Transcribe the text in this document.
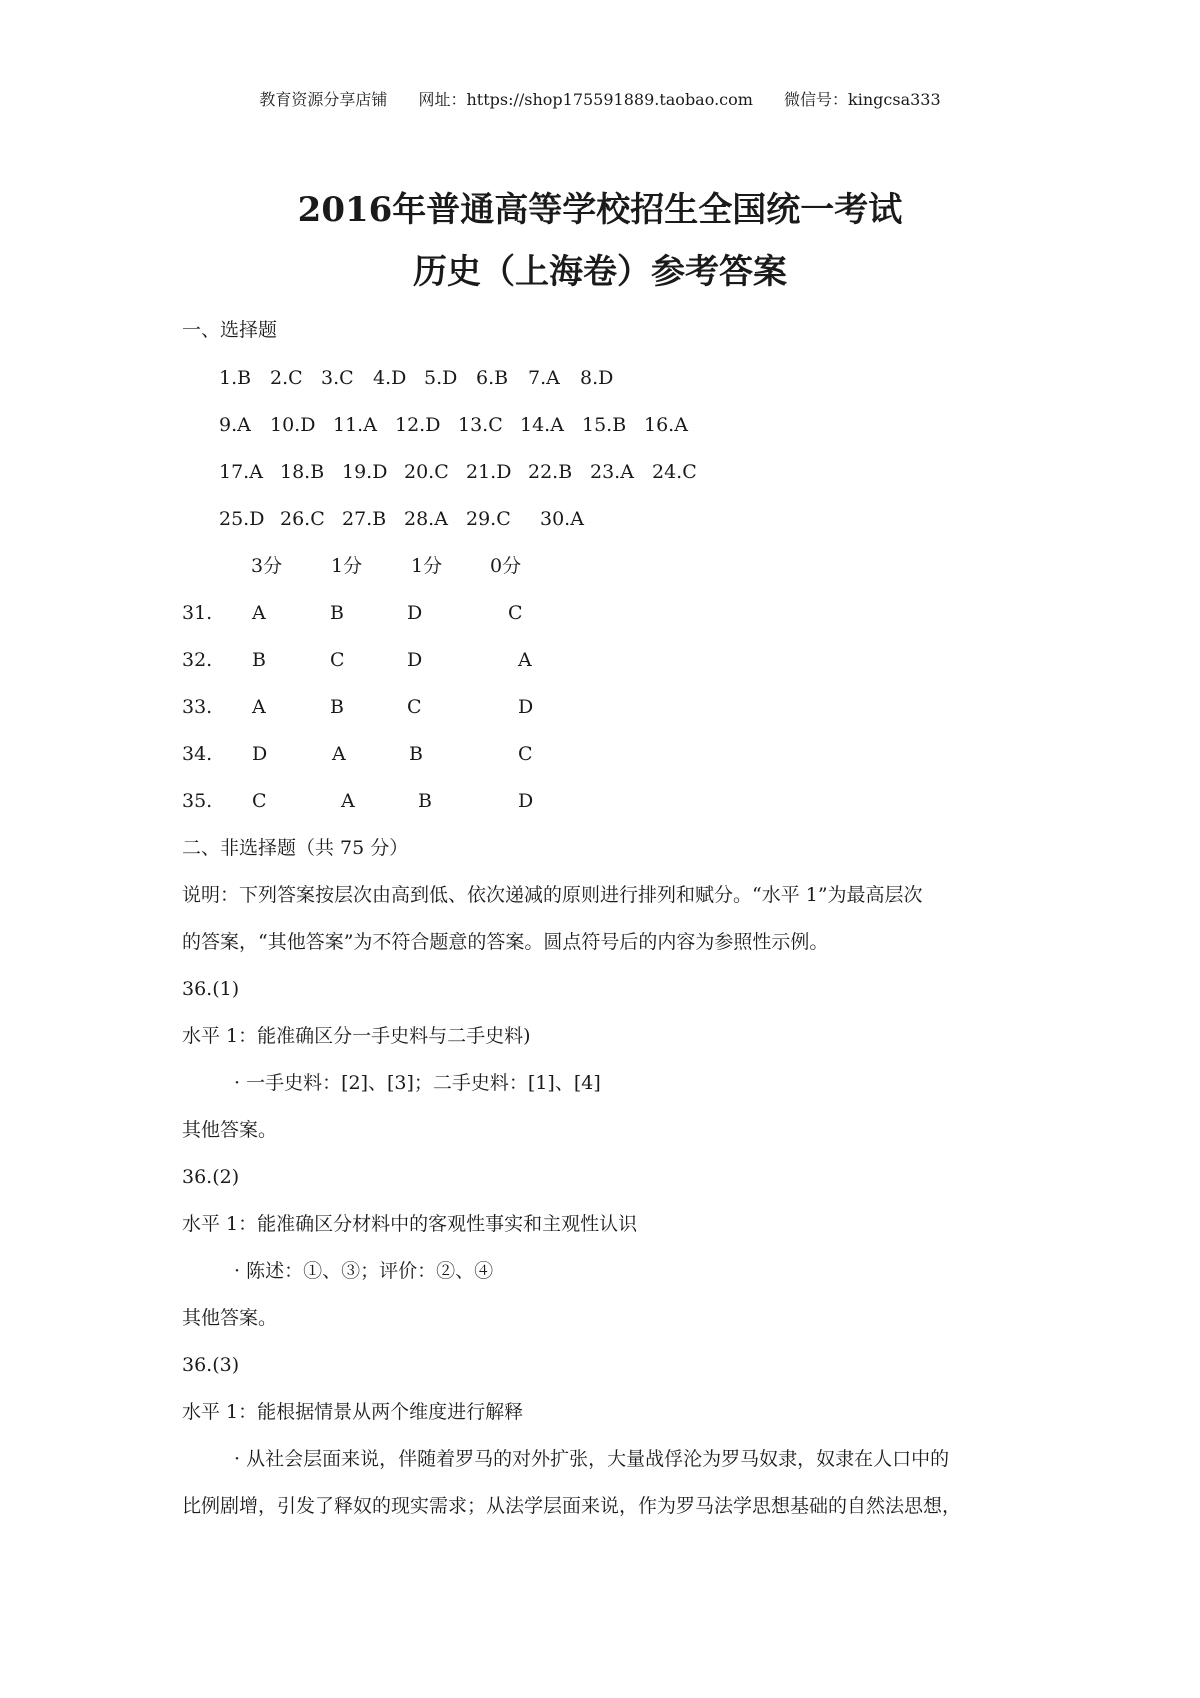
教育资源分享店铺 网址：https://shop175591889.taobao.com 微信号：kingcsa333
2016年普通高等学校招生全国统一考试
历史（上海卷）参考答案
一、选择题
1.B 2.C 3.C 4.D 5.D 6.B 7.A 8.D
9.A 10.D 11.A 12.D 13.C 14.A 15.B 16.A
17.A 18.B 19.D 20.C 21.D 22.B 23.A 24.C
25.D 26.C 27.B 28.A 29.C 30.A
3分	1分	1分	0分
31. A	B	D	C
32. B	C	D	A
33. A	B	C	D
34. D	A	B	C
35. C	A	B	D
二、非选择题（共 75 分）
说明：下列答案按层次由高到低、依次递减的原则进行排列和赋分。“水平 1”为最高层次
的答案，“其他答案”为不符合题意的答案。圆点符号后的内容为参照性示例。
36.(1)
水平 1：能准确区分一手史料与二手史料)
· 一手史料：[2]、[3]；二手史料：[1]、[4]
其他答案。
36.(2)
水平 1：能准确区分材料中的客观性事实和主观性认识
· 陈述：①、③；评价：②、④
其他答案。
36.(3)
水平 1：能根据情景从两个维度进行解释
· 从社会层面来说，伴随着罗马的对外扩张，大量战俘沦为罗马奴隶，奴隶在人口中的
比例剧增，引发了释奴的现实需求；从法学层面来说，作为罗马法学思想基础的自然法思想，
